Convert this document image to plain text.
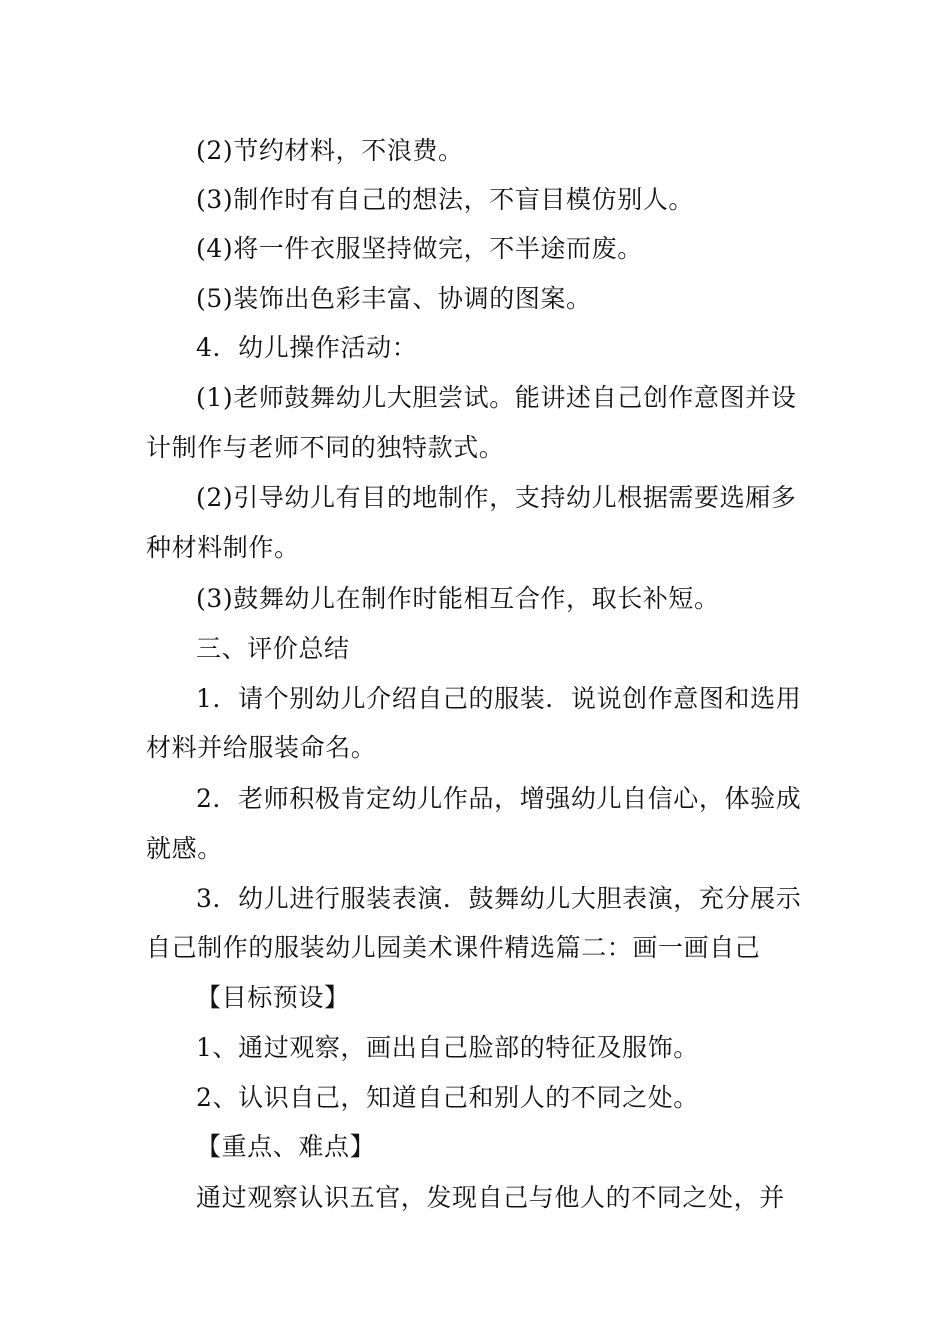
(2)节约材料，不浪费。
(3)制作时有自己的想法，不盲目模仿别人。
(4)将一件衣服坚持做完，不半途而废。
(5)装饰出色彩丰富、协调的图案。
4．幼儿操作活动：
(1)老师鼓舞幼儿大胆尝试。能讲述自己创作意图并设
计制作与老师不同的独特款式。
(2)引导幼儿有目的地制作，支持幼儿根据需要选厢多
种材料制作。
(3)鼓舞幼儿在制作时能相互合作，取长补短。
三、评价总结
1．请个别幼儿介绍自己的服装．说说创作意图和选用
材料并给服装命名。
2．老师积极肯定幼儿作品，增强幼儿自信心，体验成
就感。
3．幼儿进行服装表演．鼓舞幼儿大胆表演，充分展示
自己制作的服装幼儿园美术课件精选篇二：画一画自己
【目标预设】
1、通过观察，画出自己脸部的特征及服饰。
2、认识自己，知道自己和别人的不同之处。
【重点、难点】
通过观察认识五官，发现自己与他人的不同之处，并
